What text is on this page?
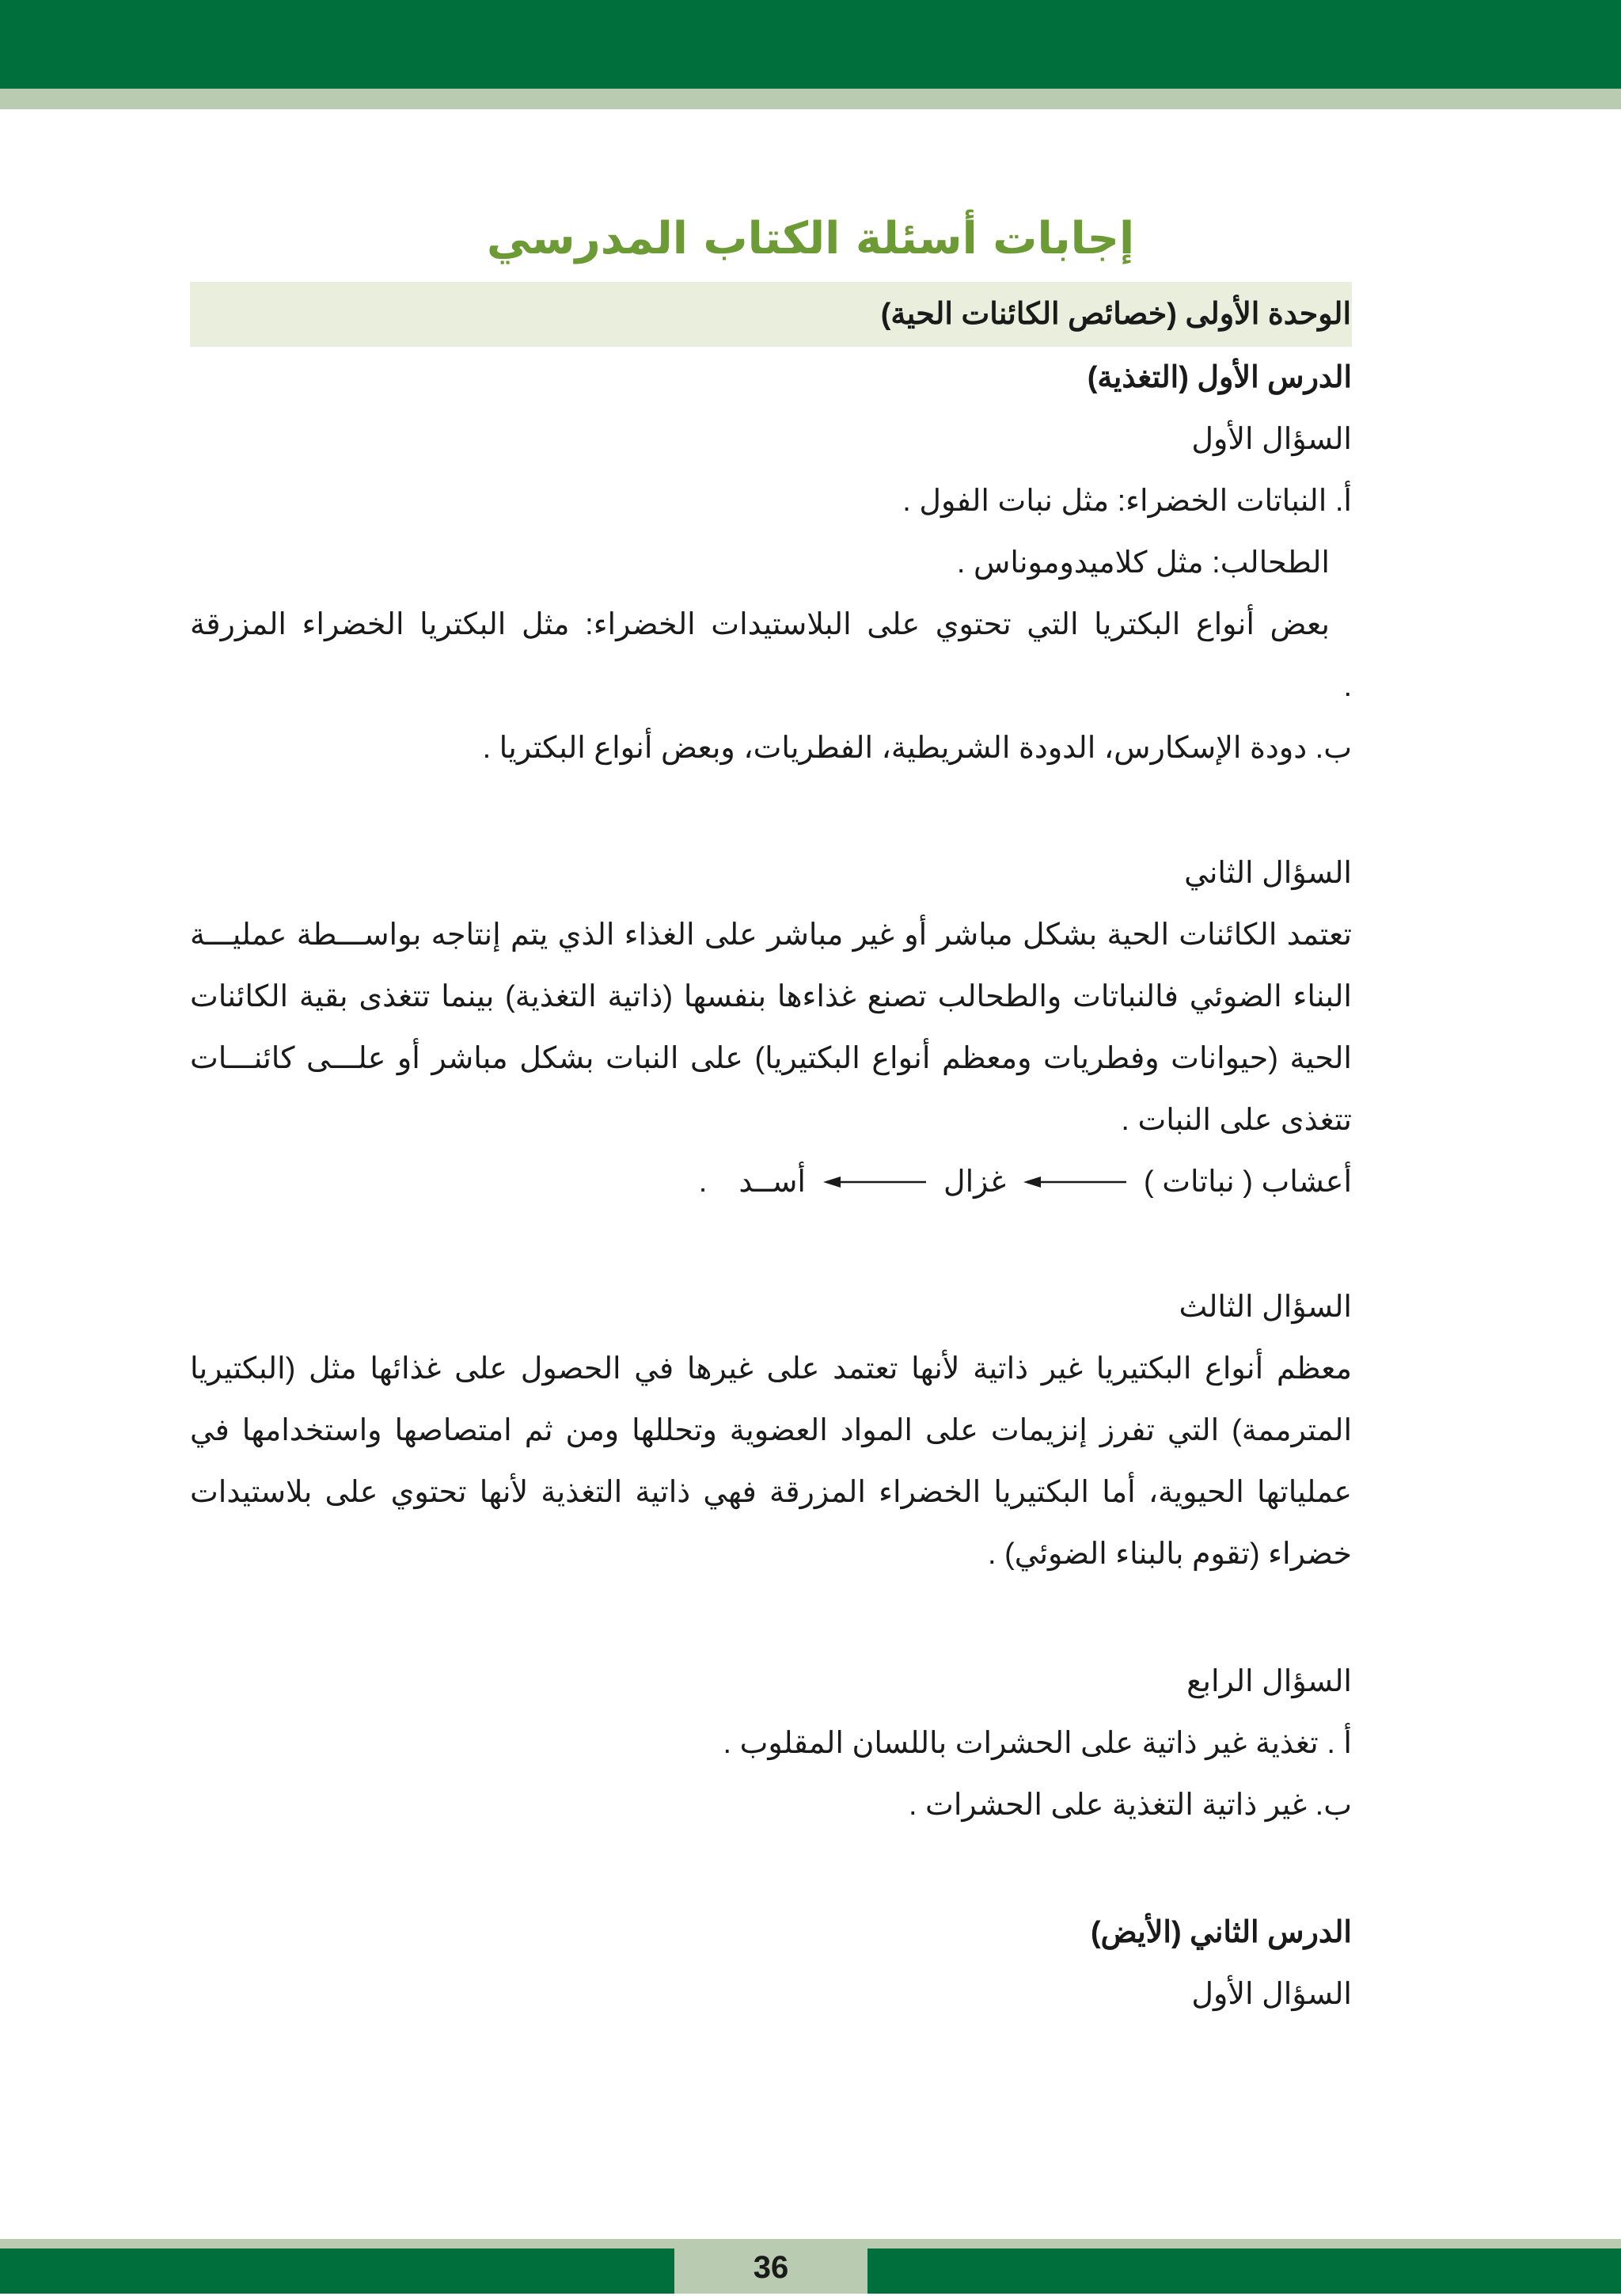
إجابات أسئلة الكتاب المدرسي
الوحدة الأولى (خصائص الكائنات الحية)
الدرس الأول (التغذية)
السؤال الأول
أ. النباتات الخضراء: مثل نبات الفول .
الطحالب: مثل كلاميدوموناس .
بعض أنواع البكتريا التي تحتوي على البلاستيدات الخضراء: مثل البكتريا الخضراء المزرقة
.
ب. دودة الإسكارس، الدودة الشريطية، الفطريات، وبعض أنواع البكتريا .
السؤال الثاني
تعتمد الكائنات الحية بشكل مباشر أو غير مباشر على الغذاء الذي يتم إنتاجه بواســـطة عمليـــة
البناء الضوئي فالنباتات والطحالب تصنع غذاءها بنفسها (ذاتية التغذية) بينما تتغذى بقية الكائنات
الحية (حيوانات وفطريات ومعظم أنواع البكتيريا) على النبات بشكل مباشر أو علـــى كائنـــات
تتغذى على النبات .
أعشاب ( نباتات )
غزال
أســد
.
السؤال الثالث
معظم أنواع البكتيريا غير ذاتية لأنها تعتمد على غيرها في الحصول على غذائها مثل (البكتيريا
المترممة) التي تفرز إنزيمات على المواد العضوية وتحللها ومن ثم امتصاصها واستخدامها في
عملياتها الحيوية، أما البكتيريا الخضراء المزرقة فهي ذاتية التغذية لأنها تحتوي على بلاستيدات
خضراء (تقوم بالبناء الضوئي) .
السؤال الرابع
أ . تغذية غير ذاتية على الحشرات باللسان المقلوب .
ب. غير ذاتية التغذية على الحشرات .
الدرس الثاني (الأيض)
السؤال الأول
36
